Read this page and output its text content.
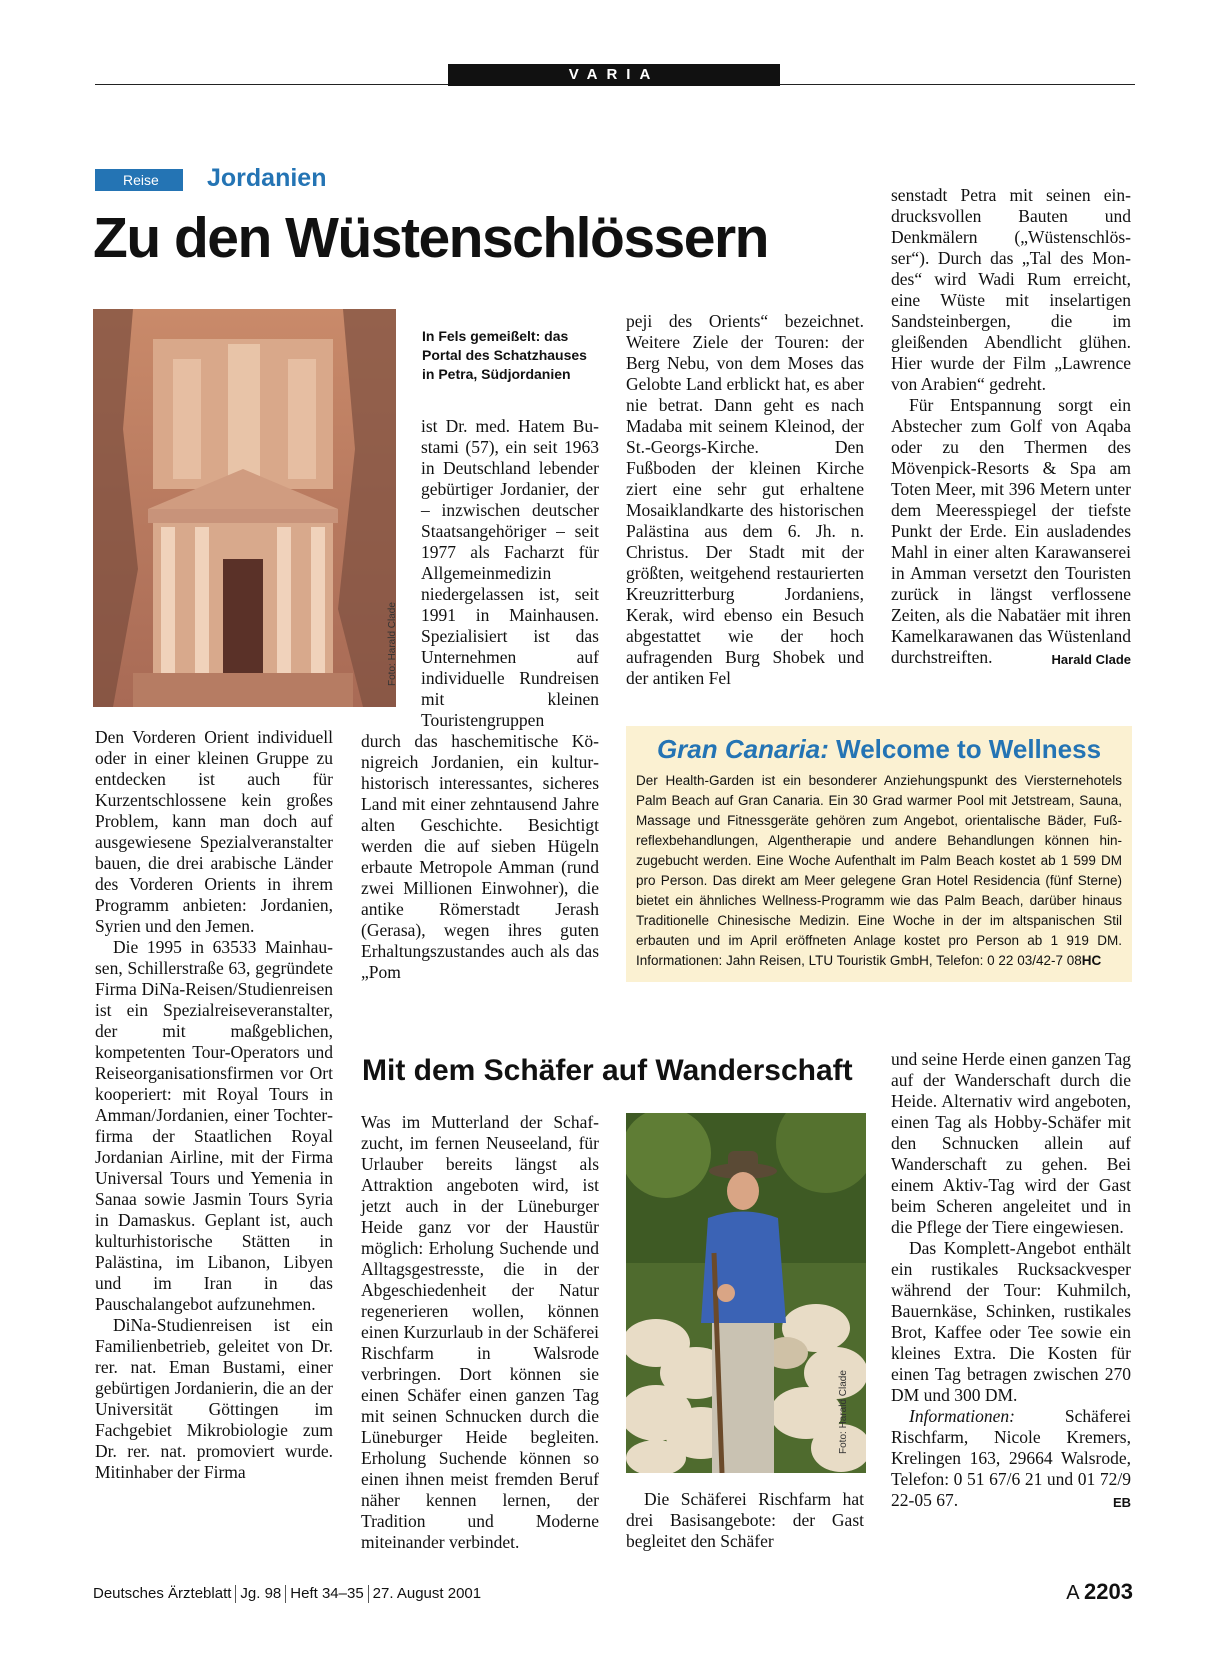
VARIA
Reise	Jordanien
Zu den Wüstenschlössern
Foto: Harald Clade
In Fels gemeißelt: das Portal des Schatzhauses in Petra, Südjordanien

Den Vorderen Orient individuell oder in einer kleinen Gruppe zu entdecken ist auch für Kurzentschlossene kein großes Problem, kann man doch auf ausgewiesene Spezialveranstalter bauen, die drei arabische Länder des Vorderen Orients in ihrem Programm anbieten: Jordanien, Syrien und den Jemen.

Die 1995 in 63533 Mainhausen, Schillerstraße 63, gegründete Firma DiNa-Reisen/Studienreisen ist ein Spezialreiseveranstalter, der mit maßgeblichen, kompetenten Tour-Operators und Reiseorganisationsfirmen vor Ort kooperiert: mit Royal Tours in Amman/Jordanien, einer Tochterfirma der Staatlichen Royal Jordanian Airline, mit der Firma Universal Tours und Yemenia in Sanaa sowie Jasmin Tours Syria in Damaskus. Geplant ist, auch kulturhistorische Stätten in Palästina, im Libanon, Libyen und im Iran in das Pauschalangebot aufzunehmen.

DiNa-Studienreisen ist ein Familienbetrieb, geleitet von Dr. rer. nat. Eman Bustami, einer gebürtigen Jordanierin, die an der Universität Göttingen im Fachgebiet Mikrobiologie zum Dr. rer. nat. promoviert wurde. Mitinhaber der Firma

ist Dr. med. Hatem Bustami (57), ein seit 1963 in Deutschland lebender gebürtiger Jordanier, der – inzwischen deutscher Staatsangehöriger – seit 1977 als Facharzt für Allgemeinmedizin niedergelassen ist, seit 1991 in Mainhausen. Spezialisiert ist das Unternehmen auf individuelle Rundreisen mit kleinen Touristengruppen

durch das haschemitische Königreich Jordanien, ein kulturhistorisch interessantes, sicheres Land mit einer zehntausend Jahre alten Geschichte. Besichtigt werden die auf sieben Hügeln erbaute Metropole Amman (rund zwei Millionen Einwohner), die antike Römerstadt Jerash (Gerasa), wegen ihres guten Erhaltungszustandes auch als das „Pom

peji des Orients“ bezeichnet. Weitere Ziele der Touren: der Berg Nebu, von dem Moses das Gelobte Land erblickt hat, es aber nie betrat. Dann geht es nach Madaba mit seinem Kleinod, der St.-Georgs-Kirche. Den Fußboden der kleinen Kirche ziert eine sehr gut erhaltene Mosaiklandkarte des historischen Palästina aus dem 6. Jh. n. Christus. Der Stadt mit der größten, weitgehend restaurierten Kreuzritterburg Jordaniens, Kerak, wird ebenso ein Besuch abgestattet wie der hoch aufragenden Burg Shobek und der antiken Fel

senstadt Petra mit seinen eindrucksvollen Bauten und Denkmälern („Wüstenschlösser“). Durch das „Tal des Mondes“ wird Wadi Rum erreicht, eine Wüste mit inselartigen Sandsteinbergen, die im gleißenden Abendlicht glühen. Hier wurde der Film „Lawrence von Arabien“ gedreht.

Für Entspannung sorgt ein Abstecher zum Golf von Aqaba oder zu den Thermen des Mövenpick-Resorts & Spa am Toten Meer, mit 396 Metern unter dem Meeresspiegel der tiefste Punkt der Erde. Ein ausladendes Mahl in einer alten Karawanserei in Amman versetzt den Touristen zurück in längst verflossene Zeiten, als die Nabatäer mit ihren Kamelkarawanen das Wüstenland durchstreiften.	Harald Clade
Gran Canaria: Welcome to Wellness
Der Health-Garden ist ein besonderer Anziehungspunkt des Viersternehotels Palm Beach auf Gran Canaria. Ein 30 Grad warmer Pool mit Jetstream, Sauna, Massage und Fitnessgeräte gehören zum Angebot, orientalische Bäder, Fußreflexbehandlungen, Algentherapie und andere Behandlungen können hinzugebucht werden. Eine Woche Aufenthalt im Palm Beach kostet ab 1 599 DM pro Person. Das direkt am Meer gelegene Gran Hotel Residencia (fünf Sterne) bietet ein ähnliches Wellness-Programm wie das Palm Beach, darüber hinaus Traditionelle Chinesische Medizin. Eine Woche in der im altspanischen Stil erbauten und im April eröffneten Anlage kostet pro Person ab 1 919 DM. Informationen: Jahn Reisen, LTU Touristik GmbH, Telefon: 0 22 03/42-7 08HC
Mit dem Schäfer auf Wanderschaft

Was im Mutterland der Schafzucht, im fernen Neuseeland, für Urlauber bereits längst als Attraktion angeboten wird, ist jetzt auch in der Lüneburger Heide ganz vor der Haustür möglich: Erholung Suchende und Alltagsgestresste, die in der Abgeschiedenheit der Natur regenerieren wollen, können einen Kurzurlaub in der Schäferei Rischfarm in Walsrode verbringen. Dort können sie einen Schäfer einen ganzen Tag mit seinen Schnucken durch die Lüneburger Heide begleiten. Erholung Suchende können so einen ihnen meist fremden Beruf näher kennen lernen, der Tradition und Moderne miteinander verbindet.

Foto: Harald Clade

Die Schäferei Rischfarm hat drei Basisangebote: der Gast begleitet den Schäfer

und seine Herde einen ganzen Tag auf der Wanderschaft durch die Heide. Alternativ wird angeboten, einen Tag als Hobby-Schäfer mit den Schnucken allein auf Wanderschaft zu gehen. Bei einem Aktiv-Tag wird der Gast beim Scheren angeleitet und in die Pflege der Tiere eingewiesen.

Das Komplett-Angebot enthält ein rustikales Rucksackvesper während der Tour: Kuhmilch, Bauernkäse, Schinken, rustikales Brot, Kaffee oder Tee sowie ein kleines Extra. Die Kosten für einen Tag betragen zwischen 270 DM und 300 DM.

Informationen:	Schäferei Rischfarm, Nicole Kremers, Krelingen 163, 29664 Walsrode, Telefon: 0 51 67/6 21 und 01 72/9 22-05 67.	EB
Deutsches Ärzteblatt Jg. 98 Heft 34–35 27. August 2001	A 2203
